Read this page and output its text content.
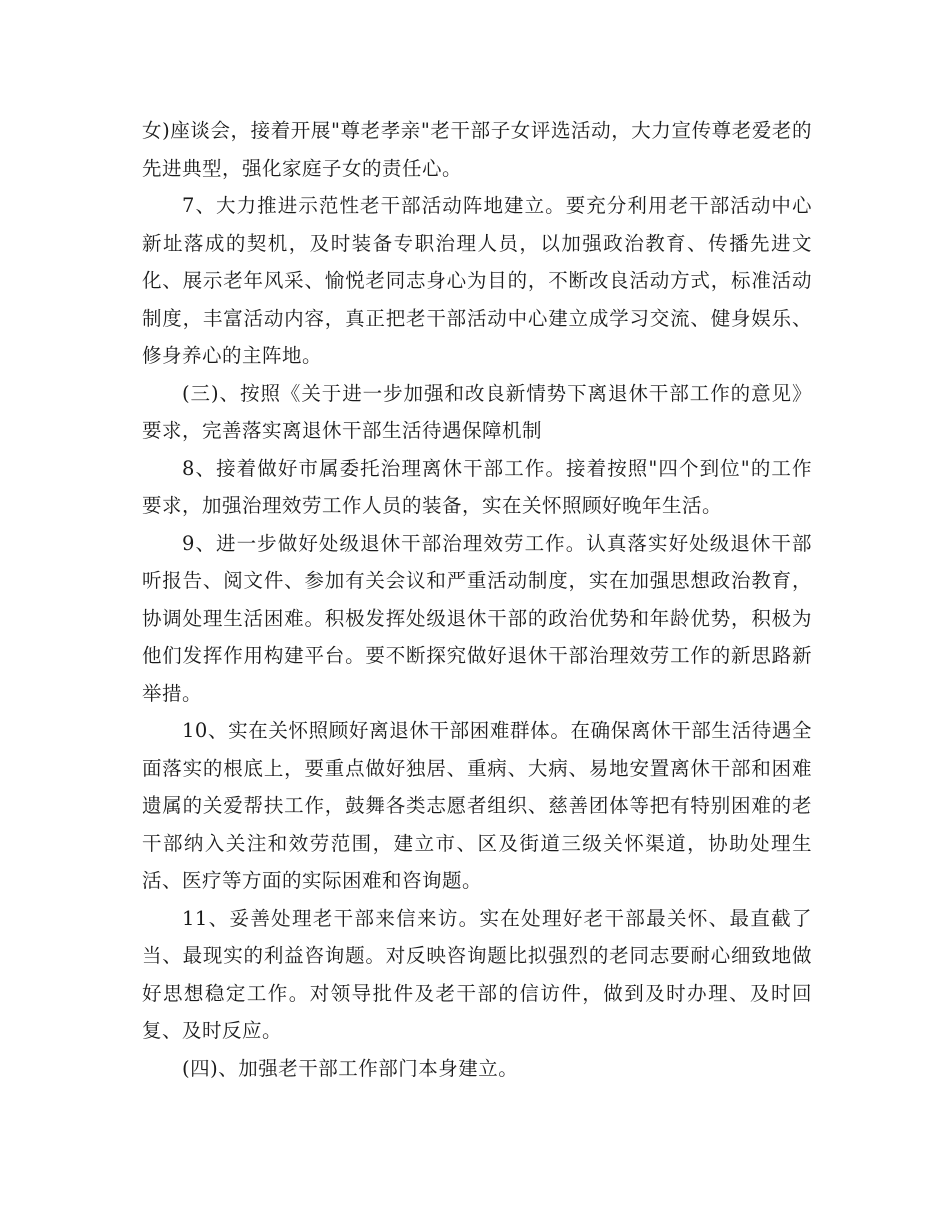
女)座谈会，接着开展"尊老孝亲"老干部子女评选活动，大力宣传尊老爱老的先进典型，强化家庭子女的责任心。

7、大力推进示范性老干部活动阵地建立。要充分利用老干部活动中心新址落成的契机，及时装备专职治理人员，以加强政治教育、传播先进文化、展示老年风采、愉悦老同志身心为目的，不断改良活动方式，标准活动制度，丰富活动内容，真正把老干部活动中心建立成学习交流、健身娱乐、修身养心的主阵地。

(三)、按照《关于进一步加强和改良新情势下离退休干部工作的意见》要求，完善落实离退休干部生活待遇保障机制

8、接着做好市属委托治理离休干部工作。接着按照"四个到位"的工作要求，加强治理效劳工作人员的装备，实在关怀照顾好晚年生活。

9、进一步做好处级退休干部治理效劳工作。认真落实好处级退休干部听报告、阅文件、参加有关会议和严重活动制度，实在加强思想政治教育，协调处理生活困难。积极发挥处级退休干部的政治优势和年龄优势，积极为他们发挥作用构建平台。要不断探究做好退休干部治理效劳工作的新思路新举措。

10、实在关怀照顾好离退休干部困难群体。在确保离休干部生活待遇全面落实的根底上，要重点做好独居、重病、大病、易地安置离休干部和困难遗属的关爱帮扶工作，鼓舞各类志愿者组织、慈善团体等把有特别困难的老干部纳入关注和效劳范围，建立市、区及街道三级关怀渠道，协助处理生活、医疗等方面的实际困难和咨询题。

11、妥善处理老干部来信来访。实在处理好老干部最关怀、最直截了当、最现实的利益咨询题。对反映咨询题比拟强烈的老同志要耐心细致地做好思想稳定工作。对领导批件及老干部的信访件，做到及时办理、及时回复、及时反应。

(四)、加强老干部工作部门本身建立。
